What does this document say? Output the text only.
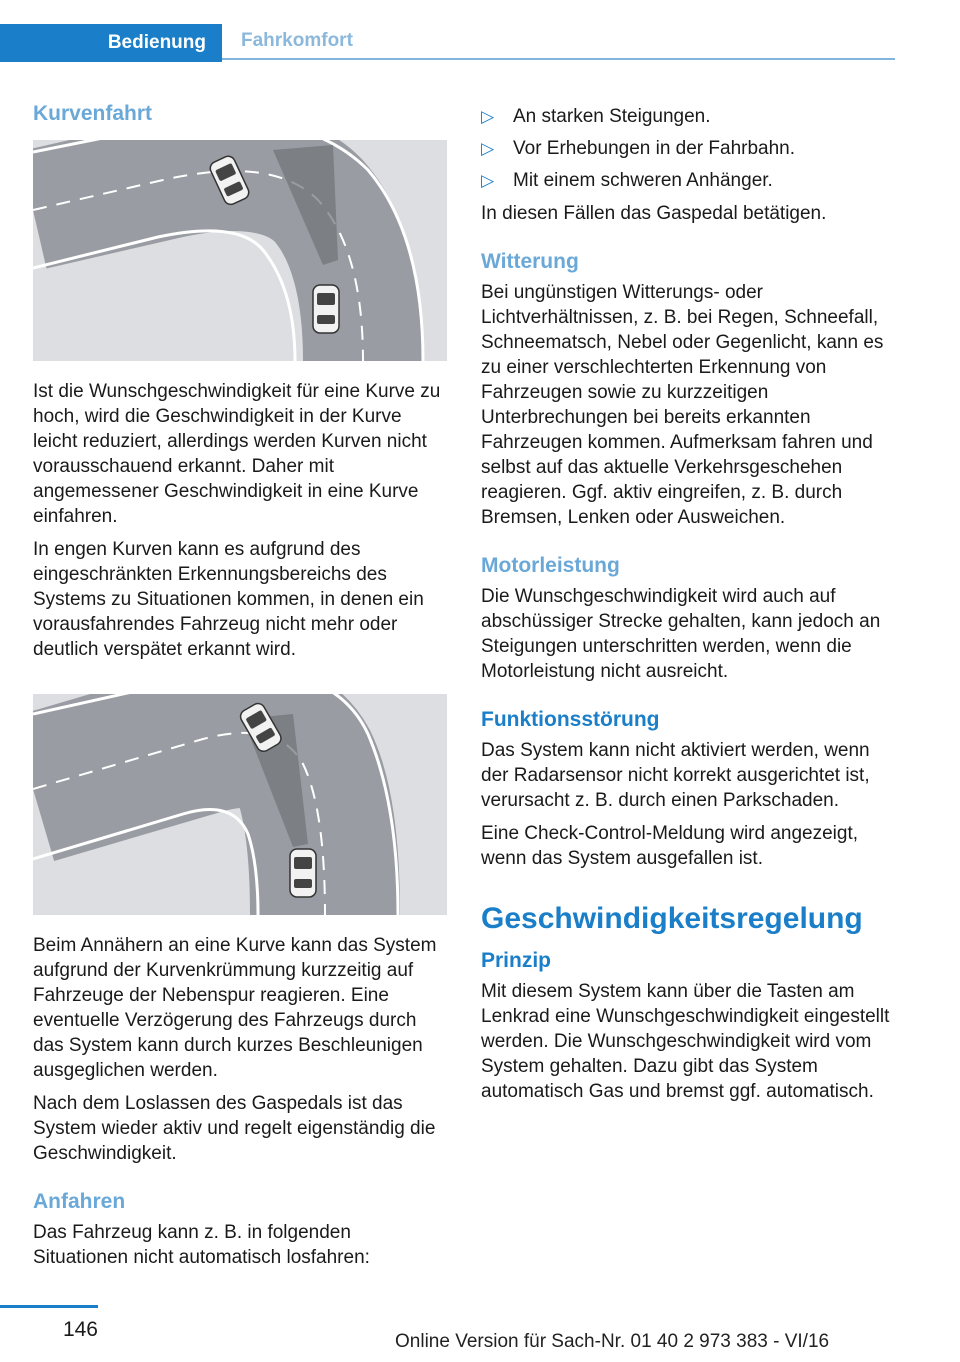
Bedienung	Fahrkomfort
Kurvenfahrt

Ist die Wunschgeschwindigkeit für eine Kurve zu hoch, wird die Geschwindigkeit in der Kurve leicht reduziert, allerdings werden Kurven nicht vorausschauend erkannt. Daher mit angemessener Geschwindigkeit in eine Kurve einfahren.

In engen Kurven kann es aufgrund des eingeschränkten Erkennungsbereichs des Systems zu Situationen kommen, in denen ein vorausfahrendes Fahrzeug nicht mehr oder deutlich verspätet erkannt wird.

Beim Annähern an eine Kurve kann das System aufgrund der Kurvenkrümmung kurzzeitig auf Fahrzeuge der Nebenspur reagieren. Eine eventuelle Verzögerung des Fahrzeugs durch das System kann durch kurzes Beschleunigen ausgeglichen werden.

Nach dem Loslassen des Gaspedals ist das System wieder aktiv und regelt eigenständig die Geschwindigkeit.

Anfahren

Das Fahrzeug kann z. B. in folgenden Situationen nicht automatisch losfahren:

▷ An starken Steigungen.
▷ Vor Erhebungen in der Fahrbahn.
▷ Mit einem schweren Anhänger.

In diesen Fällen das Gaspedal betätigen.

Witterung

Bei ungünstigen Witterungs- oder Lichtverhältnissen, z. B. bei Regen, Schneefall, Schneematsch, Nebel oder Gegenlicht, kann es zu einer verschlechterten Erkennung von Fahrzeugen sowie zu kurzzeitigen Unterbrechungen bei bereits erkannten Fahrzeugen kommen. Aufmerksam fahren und selbst auf das aktuelle Verkehrsgeschehen reagieren. Ggf. aktiv eingreifen, z. B. durch Bremsen, Lenken oder Ausweichen.

Motorleistung

Die Wunschgeschwindigkeit wird auch auf abschüssiger Strecke gehalten, kann jedoch an Steigungen unterschritten werden, wenn die Motorleistung nicht ausreicht.

Funktionsstörung

Das System kann nicht aktiviert werden, wenn der Radarsensor nicht korrekt ausgerichtet ist, verursacht z. B. durch einen Parkschaden.

Eine Check-Control-Meldung wird angezeigt, wenn das System ausgefallen ist.

Geschwindigkeitsregelung
Prinzip

Mit diesem System kann über die Tasten am Lenkrad eine Wunschgeschwindigkeit eingestellt werden. Die Wunschgeschwindigkeit wird vom System gehalten. Dazu gibt das System automatisch Gas und bremst ggf. automatisch.

146
Online Version für Sach-Nr. 01 40 2 973 383 - VI/16
